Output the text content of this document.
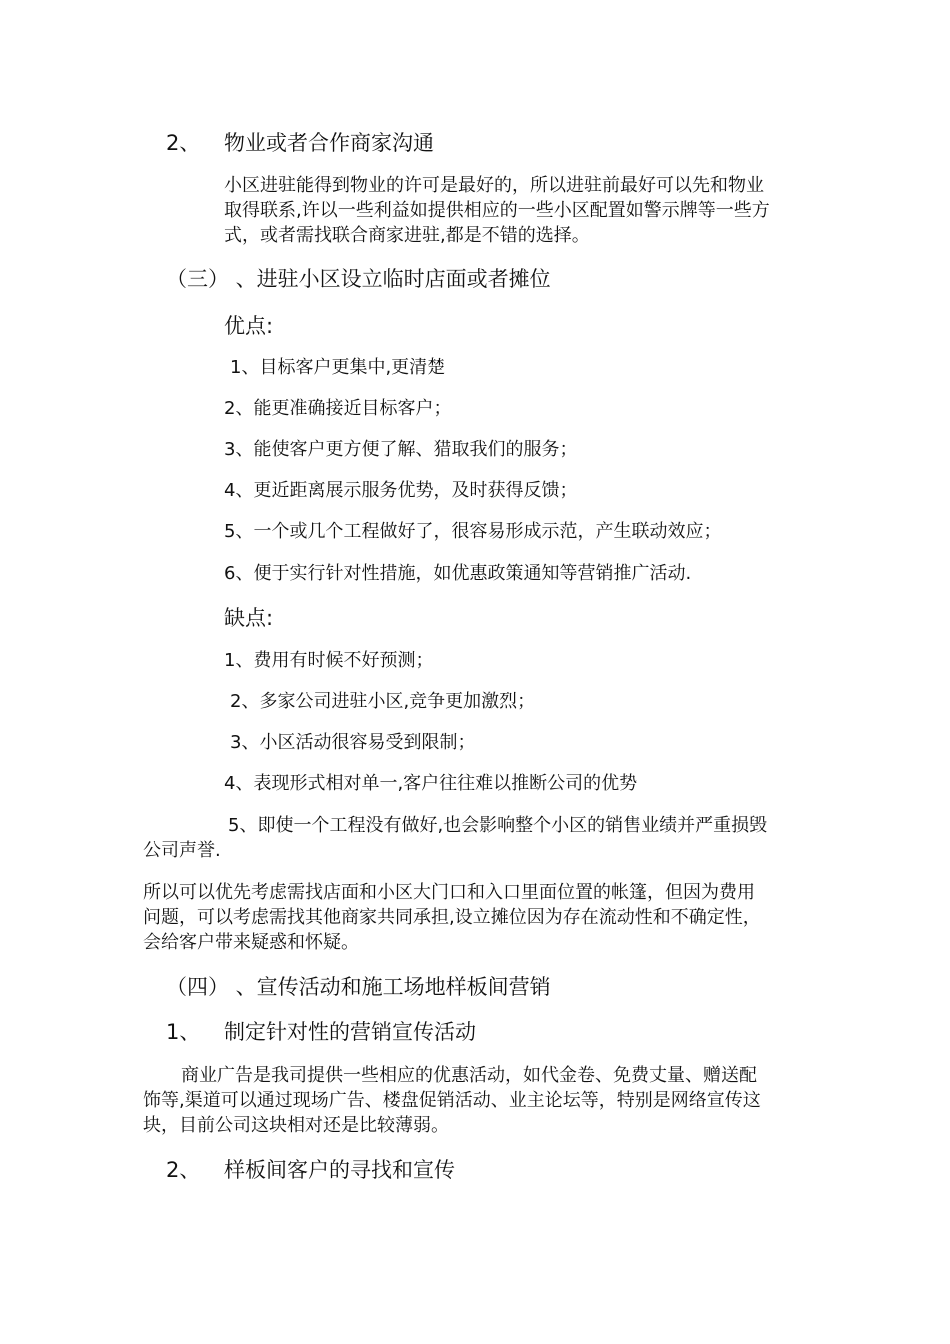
2、 物业或者合作商家沟通
小区进驻能得到物业的许可是最好的，所以进驻前最好可以先和物业
取得联系,许以一些利益如提供相应的一些小区配置如警示牌等一些方
式，或者需找联合商家进驻,都是不错的选择。
（三） 、进驻小区设立临时店面或者摊位
优点:
1、目标客户更集中,更清楚
2、能更准确接近目标客户；
3、能使客户更方便了解、猎取我们的服务；
4、更近距离展示服务优势，及时获得反馈；
5、一个或几个工程做好了，很容易形成示范，产生联动效应；
6、便于实行针对性措施，如优惠政策通知等营销推广活动.
缺点:
1、费用有时候不好预测；
2、多家公司进驻小区,竞争更加激烈；
3、小区活动很容易受到限制；
4、表现形式相对单一,客户往往难以推断公司的优势
5、即使一个工程没有做好,也会影响整个小区的销售业绩并严重损毁
公司声誉.
所以可以优先考虑需找店面和小区大门口和入口里面位置的帐篷，但因为费用
问题，可以考虑需找其他商家共同承担,设立摊位因为存在流动性和不确定性，
会给客户带来疑惑和怀疑。
（四） 、宣传活动和施工场地样板间营销
1、 制定针对性的营销宣传活动
商业广告是我司提供一些相应的优惠活动，如代金卷、免费丈量、赠送配
饰等,渠道可以通过现场广告、楼盘促销活动、业主论坛等，特别是网络宣传这
块，目前公司这块相对还是比较薄弱。
2、 样板间客户的寻找和宣传
